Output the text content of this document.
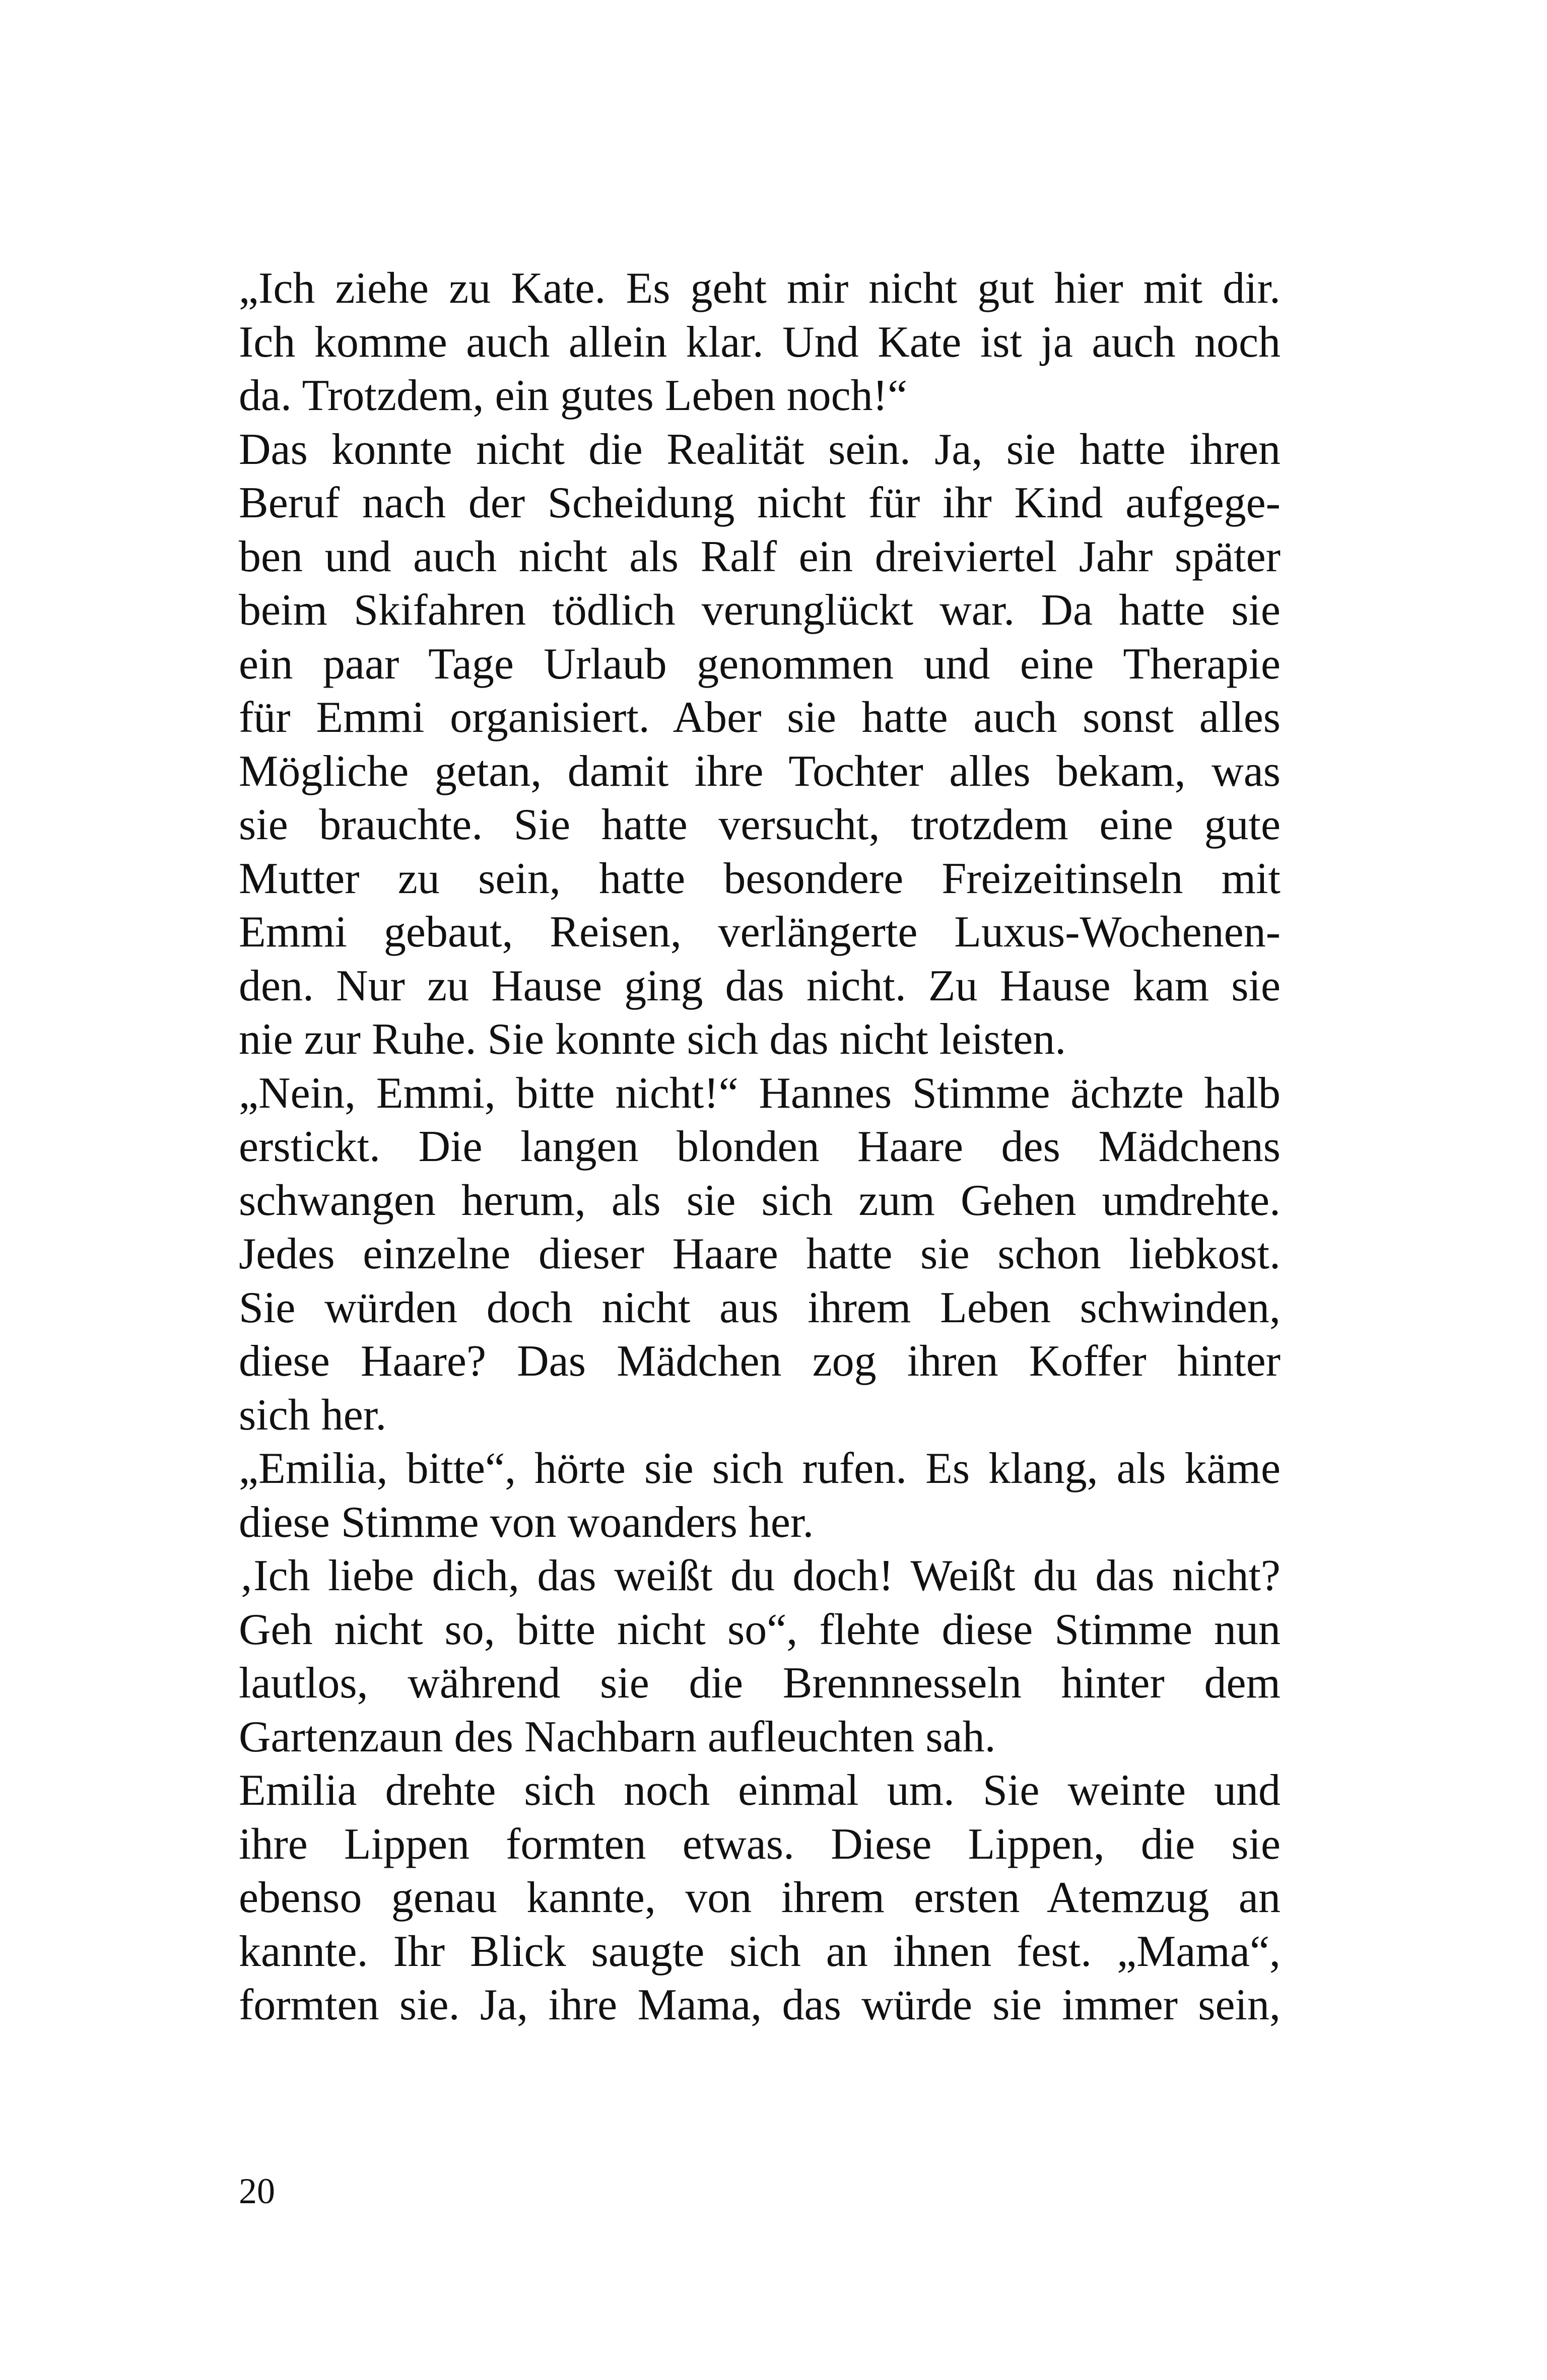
„Ich ziehe zu Kate. Es geht mir nicht gut hier mit dir.
Ich komme auch allein klar. Und Kate ist ja auch noch
da. Trotzdem, ein gutes Leben noch!“
Das konnte nicht die Realität sein. Ja, sie hatte ihren
Beruf nach der Scheidung nicht für ihr Kind aufgege-
ben und auch nicht als Ralf ein dreiviertel Jahr später
beim Skifahren tödlich verunglückt war. Da hatte sie
ein paar Tage Urlaub genommen und eine Therapie
für Emmi organisiert. Aber sie hatte auch sonst alles
Mögliche getan, damit ihre Tochter alles bekam, was
sie brauchte. Sie hatte versucht, trotzdem eine gute
Mutter zu sein, hatte besondere Freizeitinseln mit
Emmi gebaut, Reisen, verlängerte Luxus-Wochenen-
den. Nur zu Hause ging das nicht. Zu Hause kam sie
nie zur Ruhe. Sie konnte sich das nicht leisten.
„Nein, Emmi, bitte nicht!“ Hannes Stimme ächzte halb
erstickt. Die langen blonden Haare des Mädchens
schwangen herum, als sie sich zum Gehen umdrehte.
Jedes einzelne dieser Haare hatte sie schon liebkost.
Sie würden doch nicht aus ihrem Leben schwinden,
diese Haare? Das Mädchen zog ihren Koffer hinter
sich her.
„Emilia, bitte“, hörte sie sich rufen. Es klang, als käme
diese Stimme von woanders her.
‚Ich liebe dich, das weißt du doch! Weißt du das nicht?
Geh nicht so, bitte nicht so“, flehte diese Stimme nun
lautlos, während sie die Brennnesseln hinter dem
Gartenzaun des Nachbarn aufleuchten sah.
Emilia drehte sich noch einmal um. Sie weinte und
ihre Lippen formten etwas. Diese Lippen, die sie
ebenso genau kannte, von ihrem ersten Atemzug an
kannte. Ihr Blick saugte sich an ihnen fest. „Mama“,
formten sie. Ja, ihre Mama, das würde sie immer sein,
20
